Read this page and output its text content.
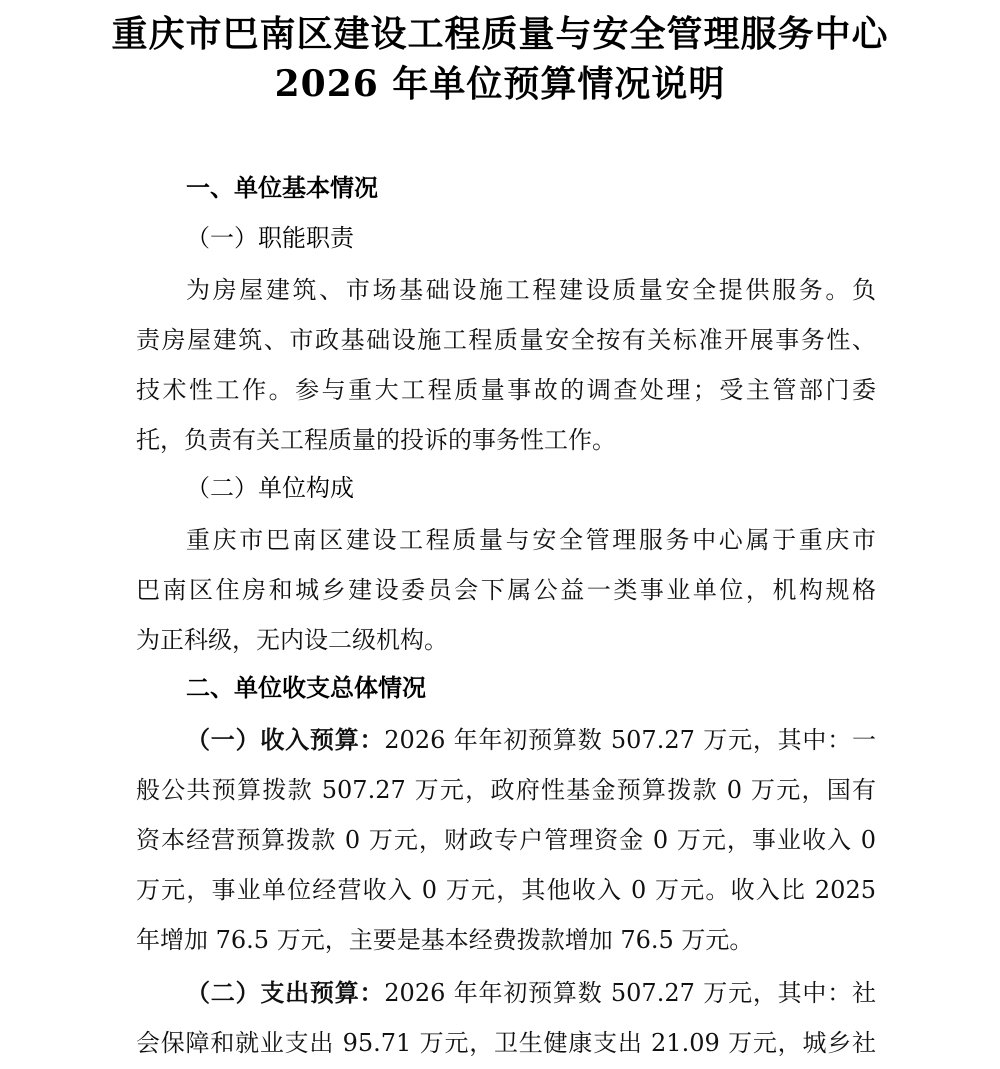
重庆市巴南区建设工程质量与安全管理服务中心
2026 年单位预算情况说明
一、单位基本情况
（一）职能职责
为房屋建筑、市场基础设施工程建设质量安全提供服务。负
责房屋建筑、市政基础设施工程质量安全按有关标准开展事务性、
技术性工作。参与重大工程质量事故的调查处理；受主管部门委
托，负责有关工程质量的投诉的事务性工作。
（二）单位构成
重庆市巴南区建设工程质量与安全管理服务中心属于重庆市
巴南区住房和城乡建设委员会下属公益一类事业单位，机构规格
为正科级，无内设二级机构。
二、单位收支总体情况
（一）收入预算：2026 年年初预算数 507.27 万元，其中：一
般公共预算拨款 507.27 万元，政府性基金预算拨款 0 万元，国有
资本经营预算拨款 0 万元，财政专户管理资金 0 万元，事业收入 0
万元，事业单位经营收入 0 万元，其他收入 0 万元。收入比 2025
年增加 76.5 万元，主要是基本经费拨款增加 76.5 万元。
（二）支出预算：2026 年年初预算数 507.27 万元，其中：社
会保障和就业支出 95.71 万元，卫生健康支出 21.09 万元，城乡社
